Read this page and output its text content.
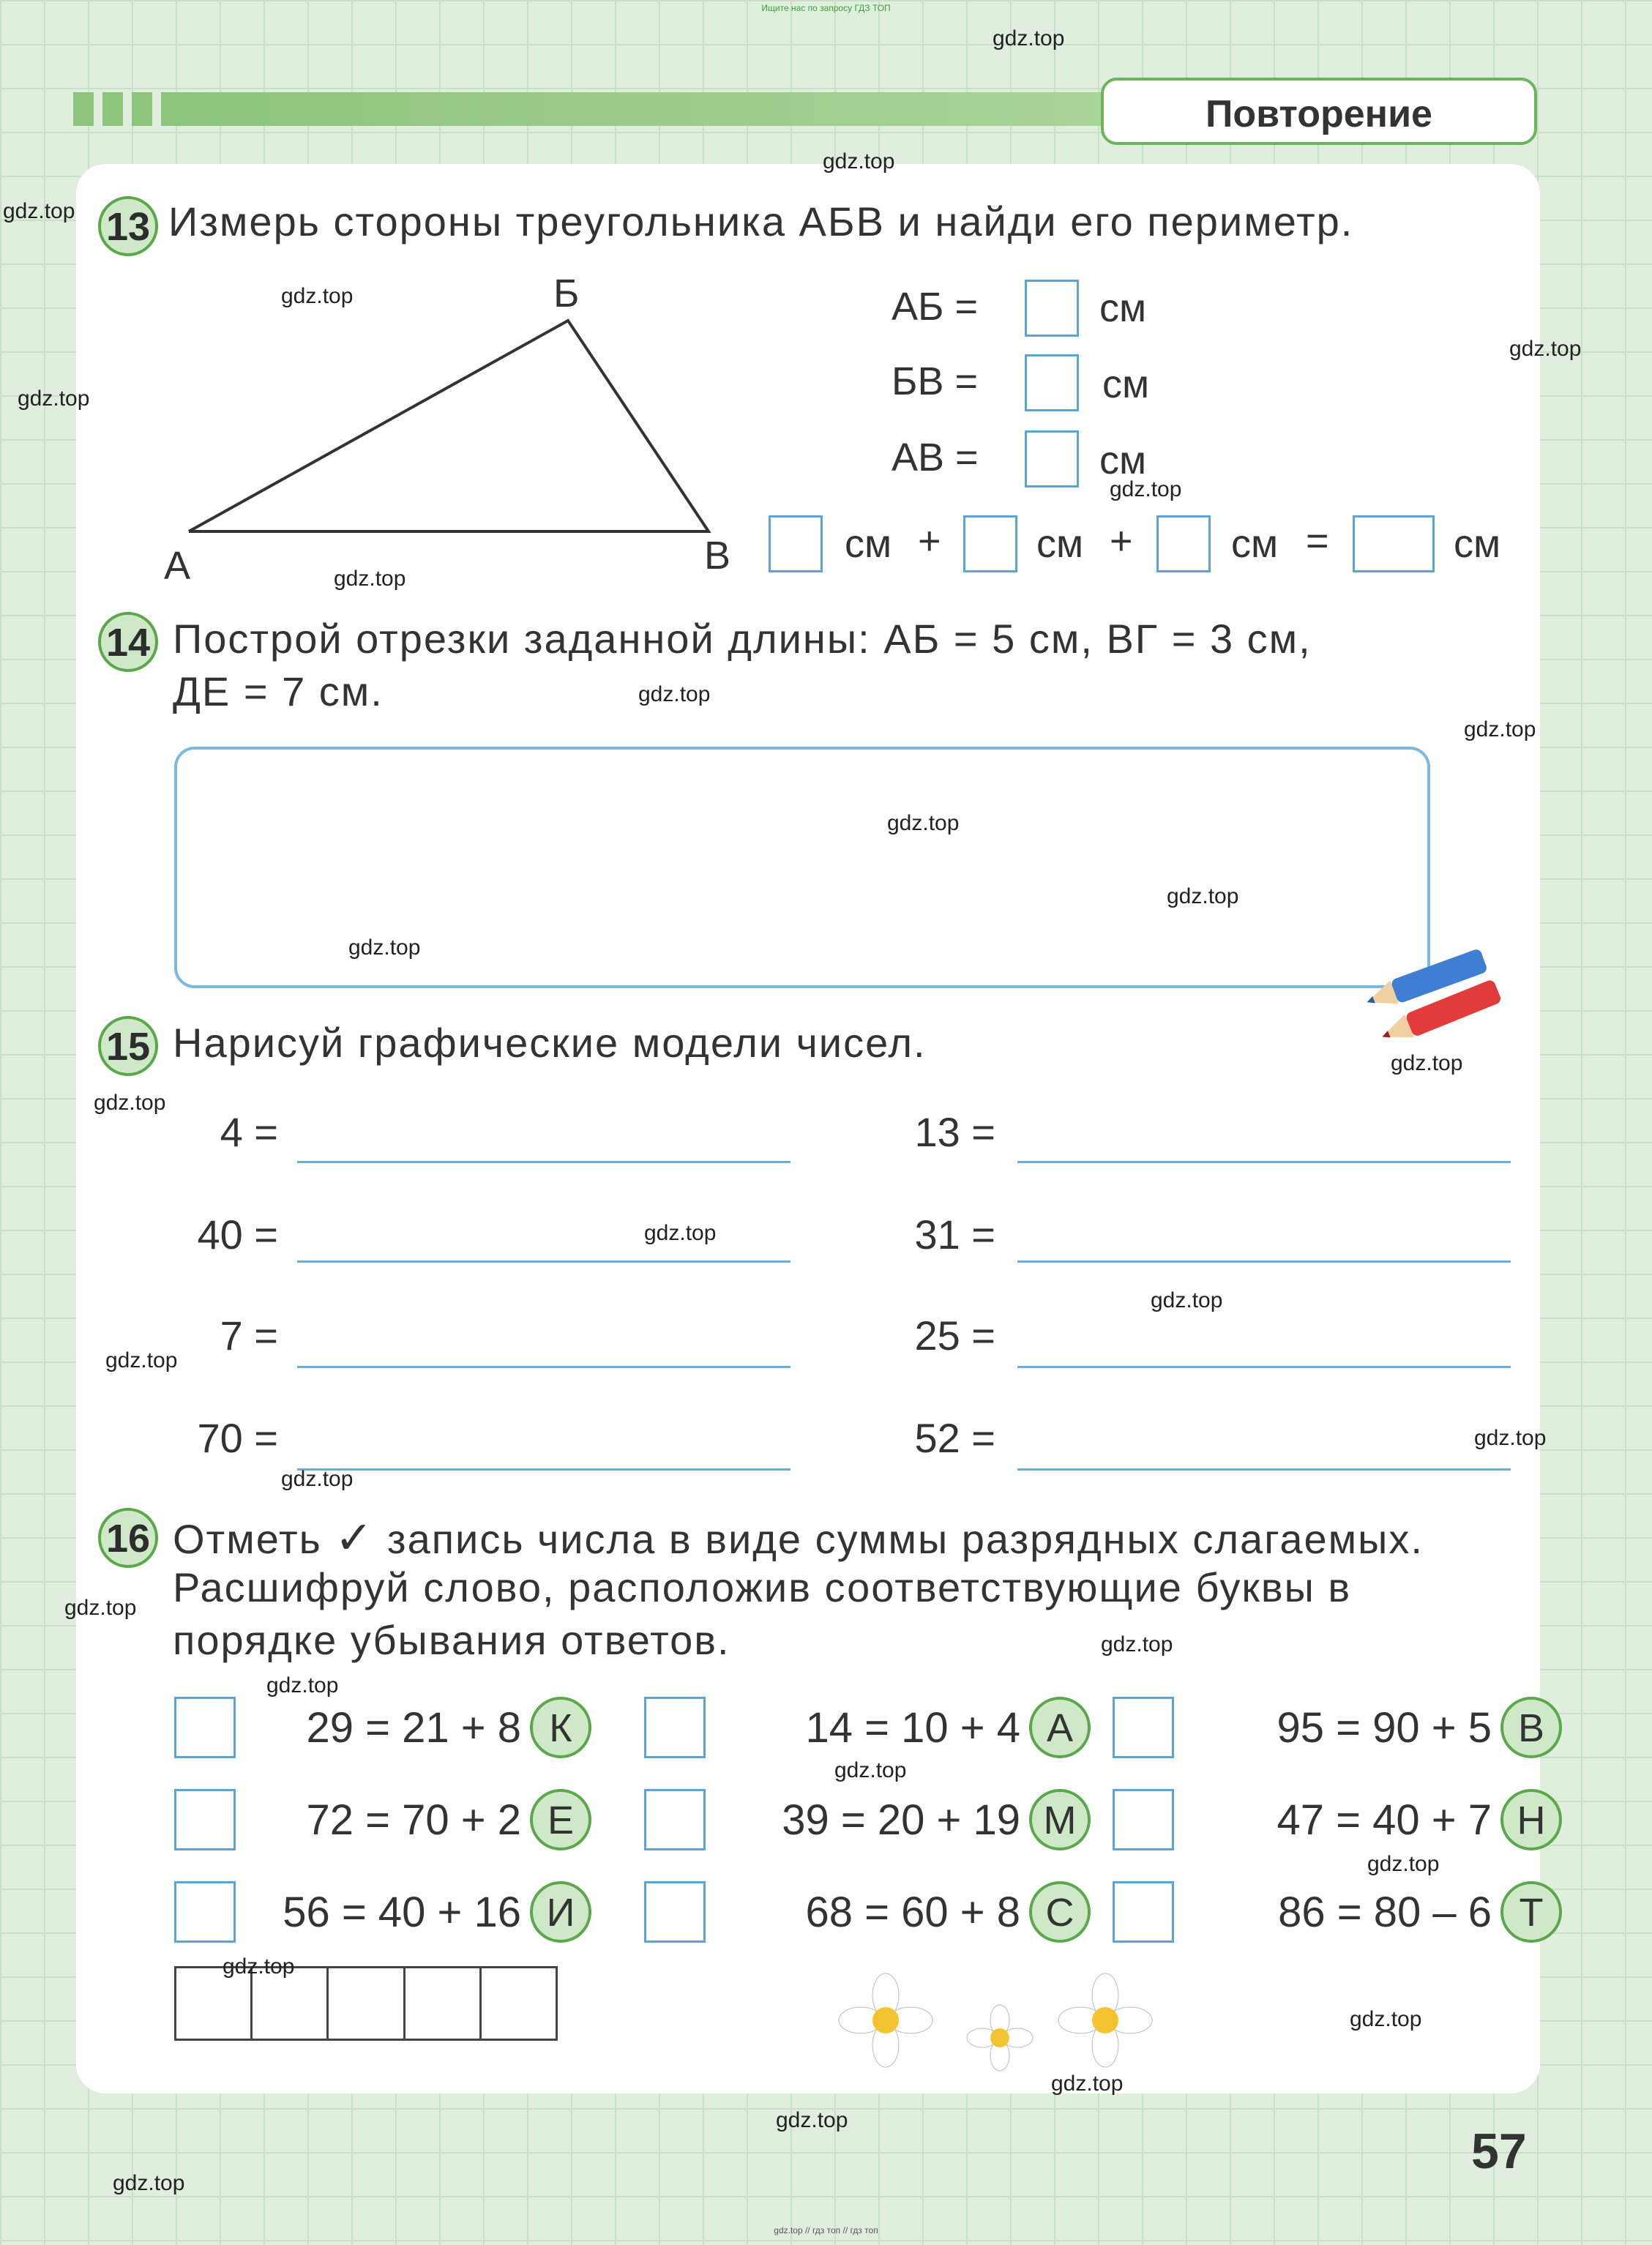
Ищите нас по запросу ГДЗ ТОП
gdz.top // гдз топ // гдз топ
Повторение
13 Измерь стороны треугольника АБВ и найди его периметр.
А
Б
В
АБ =	см
БВ =	см
АВ =	см
см + см + см =	см
14 Построй отрезки заданной длины: АБ = 5 см, ВГ = 3 см,
ДЕ = 7 см.
15 Нарисуй графические модели чисел.
4 =
40 =
7 =
70 =
13 =
31 =
25 =
52 =
16 Отметь ✓ запись числа в виде суммы разрядных слагаемых.
Расшифруй слово, расположив соответствующие буквы в
порядке убывания ответов.
29 = 21 + 8 К	14 = 10 + 4 А	95 = 90 + 5 В
72 = 70 + 2 Е	39 = 20 + 19 М	47 = 40 + 7 Н
56 = 40 + 16 И	68 = 60 + 8 С	86 = 80 – 6 Т
57
gdz.top
gdz.top
gdz.top
gdz.top
gdz.top
gdz.top
gdz.top
gdz.top
gdz.top
gdz.top
gdz.top
gdz.top
gdz.top
gdz.top
gdz.top
gdz.top
gdz.top
gdz.top
gdz.top
gdz.top
gdz.top
gdz.top
gdz.top
gdz.top
gdz.top
gdz.top
gdz.top
gdz.top
gdz.top
gdz.top
